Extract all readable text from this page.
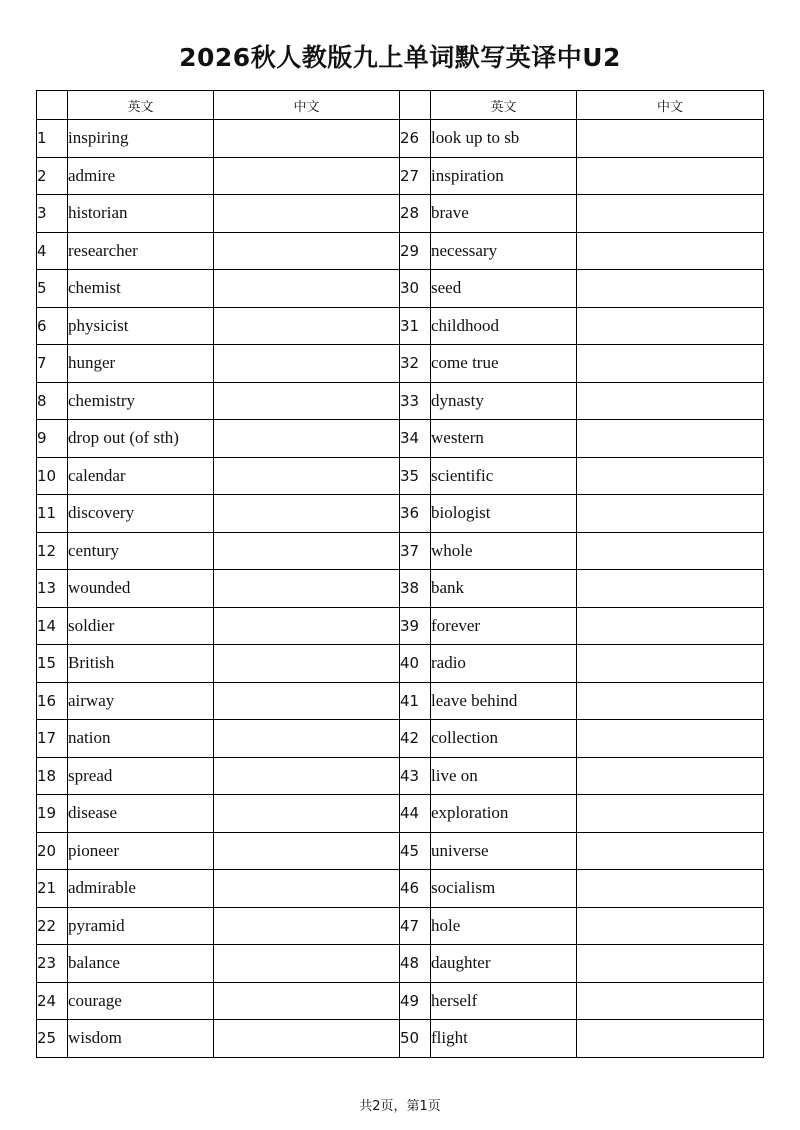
2026秋人教版九上单词默写英译中U2
	英文	中文		英文	中文
1	inspiring		26	look up to sb	
2	admire		27	inspiration	
3	historian		28	brave	
4	researcher		29	necessary	
5	chemist		30	seed	
6	physicist		31	childhood	
7	hunger		32	come true	
8	chemistry		33	dynasty	
9	drop out (of sth)		34	western	
10	calendar		35	scientific	
11	discovery		36	biologist	
12	century		37	whole	
13	wounded		38	bank	
14	soldier		39	forever	
15	British		40	radio	
16	airway		41	leave behind	
17	nation		42	collection	
18	spread		43	live on	
19	disease		44	exploration	
20	pioneer		45	universe	
21	admirable		46	socialism	
22	pyramid		47	hole	
23	balance		48	daughter	
24	courage		49	herself	
25	wisdom		50	flight	
共2页，第1页
